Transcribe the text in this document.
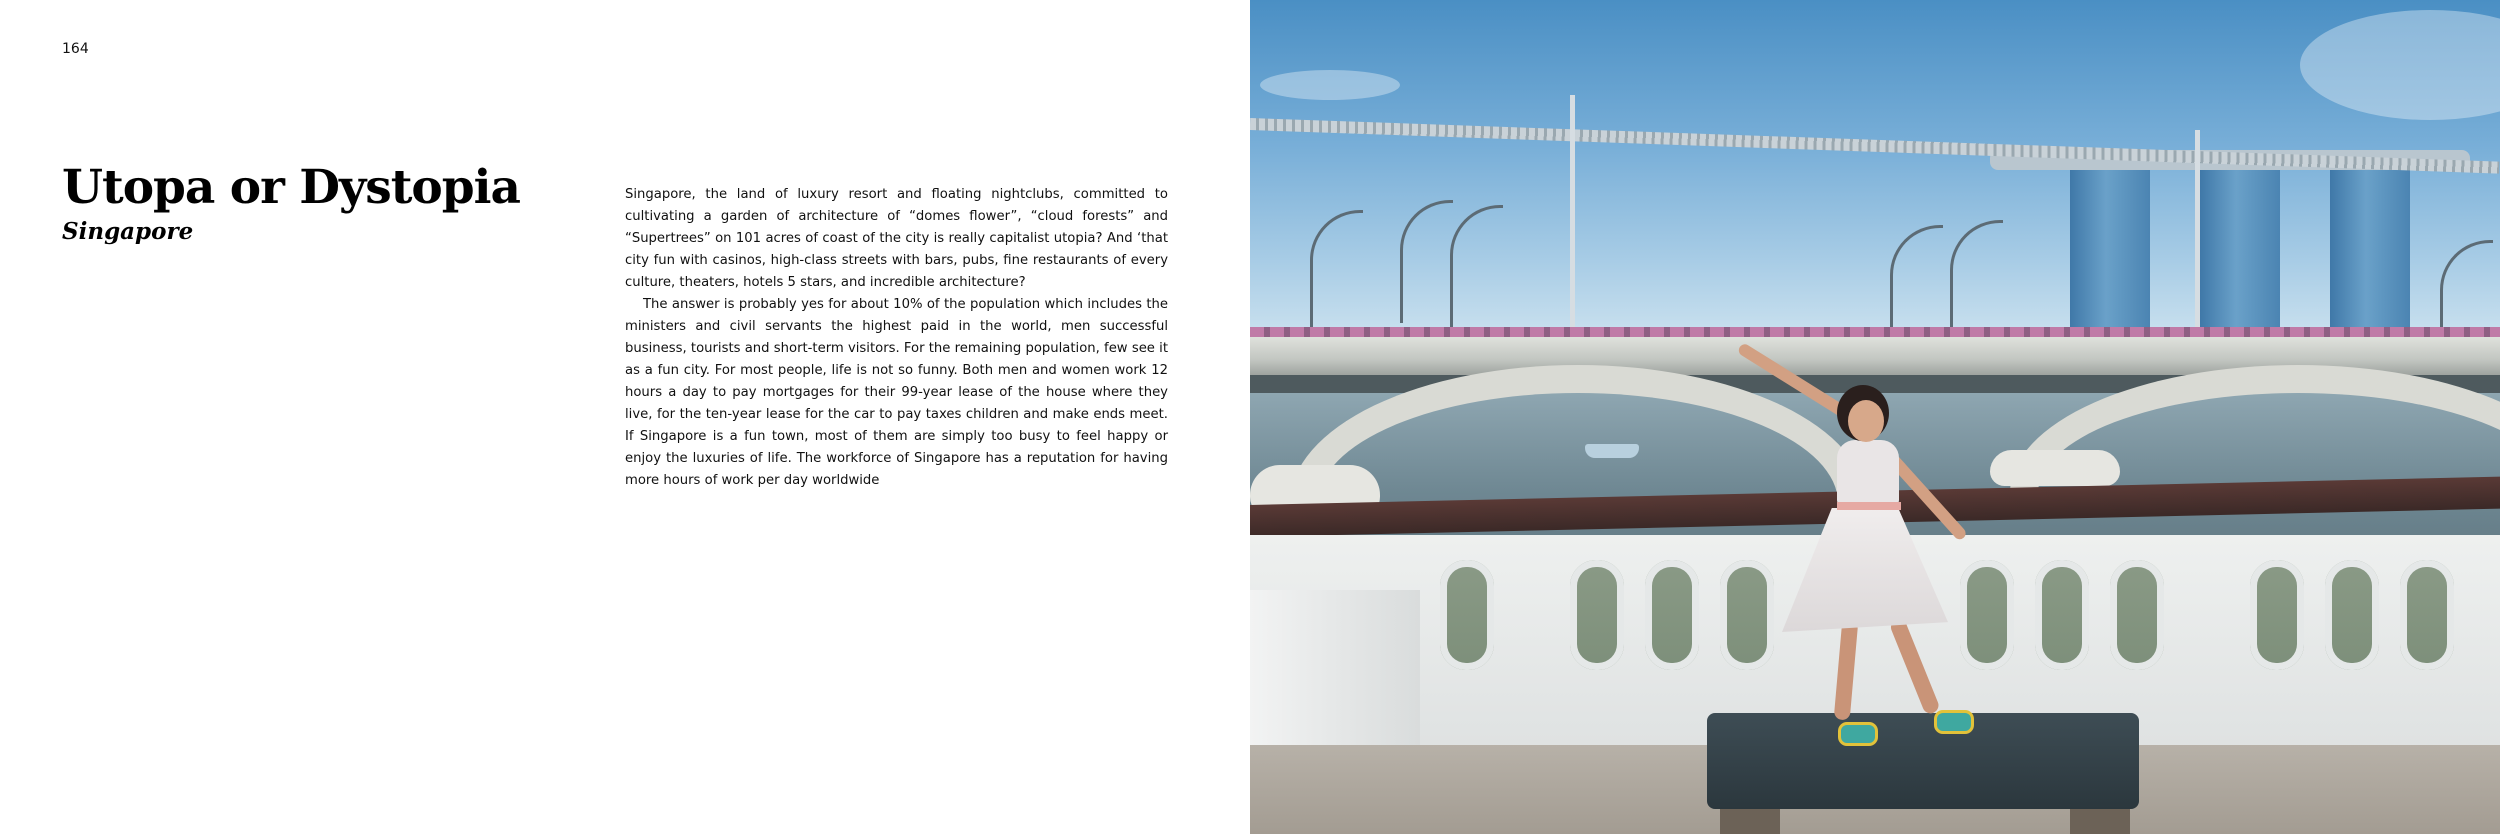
164
Utopa or Dystopia
Singapore

Singapore, the land of luxury resort and floating nightclubs, committed to cultivating a garden of architecture of “domes flower”, “cloud forests” and “Supertrees” on 101 acres of coast of the city is really capitalist utopia? And ‘that city fun with casinos, high-class streets with bars, pubs, fine restaurants of every culture, theaters, hotels 5 stars, and incredible architecture?

The answer is probably yes for about 10% of the population which includes the ministers and civil servants the highest paid in the world, men successful business, tourists and short-term visitors. For the remaining population, few see it as a fun city. For most people, life is not so funny. Both men and women work 12 hours a day to pay mortgages for their 99-year lease of the house where they live, for the ten-year lease for the car to pay taxes children and make ends meet. If Singapore is a fun town, most of them are simply too busy to feel happy or enjoy the luxuries of life. The workforce of Singapore has a reputation for having more hours of work per day worldwide
